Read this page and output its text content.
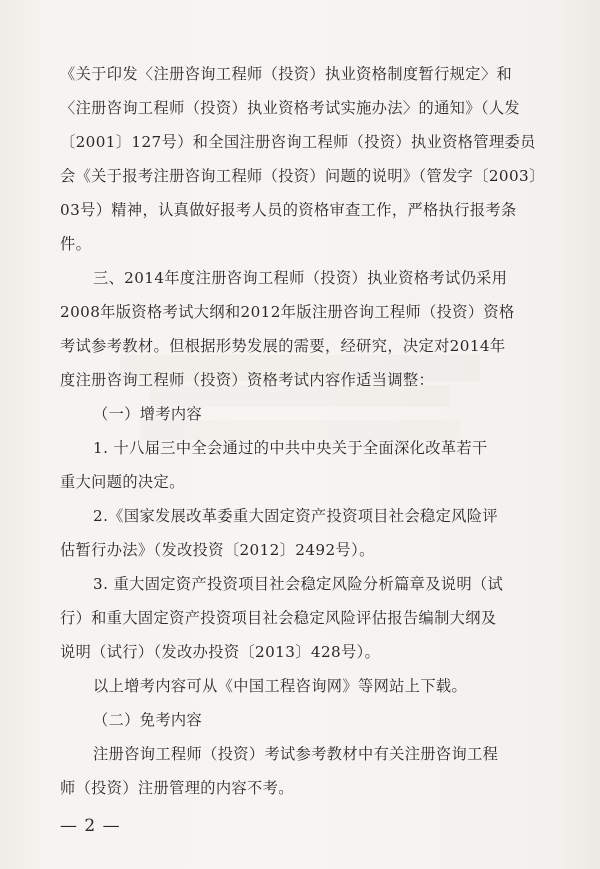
《关于印发〈注册咨询工程师（投资）执业资格制度暂行规定〉和
〈注册咨询工程师（投资）执业资格考试实施办法〉的通知》（人发
〔2001〕127号）和全国注册咨询工程师（投资）执业资格管理委员
会《关于报考注册咨询工程师（投资）问题的说明》（管发字〔2003〕
03号）精神，认真做好报考人员的资格审查工作，严格执行报考条
件。
三、2014年度注册咨询工程师（投资）执业资格考试仍采用
2008年版资格考试大纲和2012年版注册咨询工程师（投资）资格
考试参考教材。但根据形势发展的需要，经研究，决定对2014年
度注册咨询工程师（投资）资格考试内容作适当调整：
（一）增考内容
1. 十八届三中全会通过的中共中央关于全面深化改革若干
重大问题的决定。
2.《国家发展改革委重大固定资产投资项目社会稳定风险评
估暂行办法》（发改投资〔2012〕2492号）。
3. 重大固定资产投资项目社会稳定风险分析篇章及说明（试
行）和重大固定资产投资项目社会稳定风险评估报告编制大纲及
说明（试行）（发改办投资〔2013〕428号）。
以上增考内容可从《中国工程咨询网》等网站上下载。
（二）免考内容
注册咨询工程师（投资）考试参考教材中有关注册咨询工程
师（投资）注册管理的内容不考。
— 2 —
